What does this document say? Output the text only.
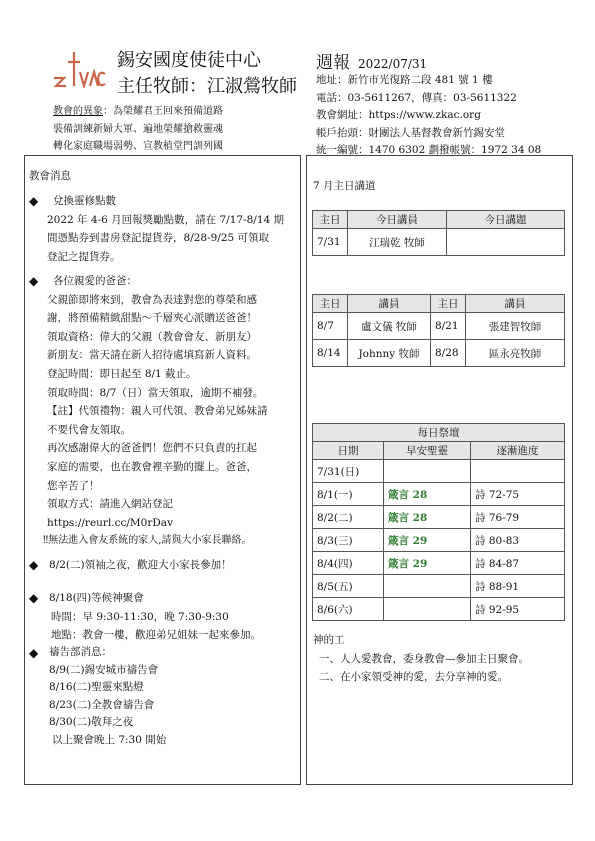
錫安國度使徒中心
主任牧師：江淑鶯牧師
教會的異象：為榮耀君王回來預備道路
裝備訓練新婦大軍、遍地榮耀搶救靈魂
轉化家庭職場弱勢、宣教植堂門訓列國
週報 2022/07/31
地址：新竹市光復路二段 481 號 1 樓
電話：03-5611267，傳真：03-5611322
教會網址：https://www.zkac.org
帳戶抬頭：財團法人基督教會新竹錫安堂
統一編號：1470 6302 劃撥帳號：1972 34 08
教會消息
◆ 兌換靈修點數
2022 年 4-6 月回報獎勵點數，請在 7/17-8/14 期
間憑點券到書房登記提貨券，8/28-9/25 可領取
登記之提貨券。
◆ 各位親愛的爸爸：
父親節即將來到，教會為表達對您的尊榮和感
謝，將預備精緻甜點～千層夾心派贈送爸爸！
領取資格：偉大的父親（教會會友、新朋友）
新朋友：當天請在新人招待處填寫新人資料。
登記時間：即日起至 8/1 截止。
領取時間：8/7（日）當天領取，逾期不補發。
【註】代領禮物：親人可代領、教會弟兄姊妹請
不要代會友領取。
再次感謝偉大的爸爸們！您們不只負責的扛起
家庭的需要，也在教會裡辛勤的擺上。爸爸，
您辛苦了！
領取方式：請進入網站登記
https://reurl.cc/M0rDav
‼無法進入會友系統的家人,請與大小家長聯絡。
◆ 8/2(二)領袖之夜，歡迎大小家長參加！
◆ 8/18(四)等候神聚會
時間：早 9:30-11:30，晚 7:30-9:30
地點：教會一樓，歡迎弟兄姐妹一起來參加。
◆ 禱告部消息：
8/9(二)錫安城市禱告會
8/16(二)聖靈來點燈
8/23(二)全教會禱告會
8/30(二)敬拜之夜
以上聚會晚上 7:30 開始
7 月主日講道
主日	今日講員	今日講題
7/31	江瑞乾 牧師	
主日	講員	主日	講員
8/7	盧文儀 牧師	8/21	張建智牧師
8/14	Johnny 牧師	8/28	區永亮牧師
每日祭壇		
日期	早安聖靈	逐漸進度
7/31(日)		
8/1(一)	箴言 28	詩 72-75
8/2(二)	箴言 28	詩 76-79
8/3(三)	箴言 29	詩 80-83
8/4(四)	箴言 29	詩 84-87
8/5(五)		詩 88-91
8/6(六)		詩 92-95
神的工
一、人人愛教會，委身教會—參加主日聚會。
二、在小家領受神的愛，去分享神的愛。
